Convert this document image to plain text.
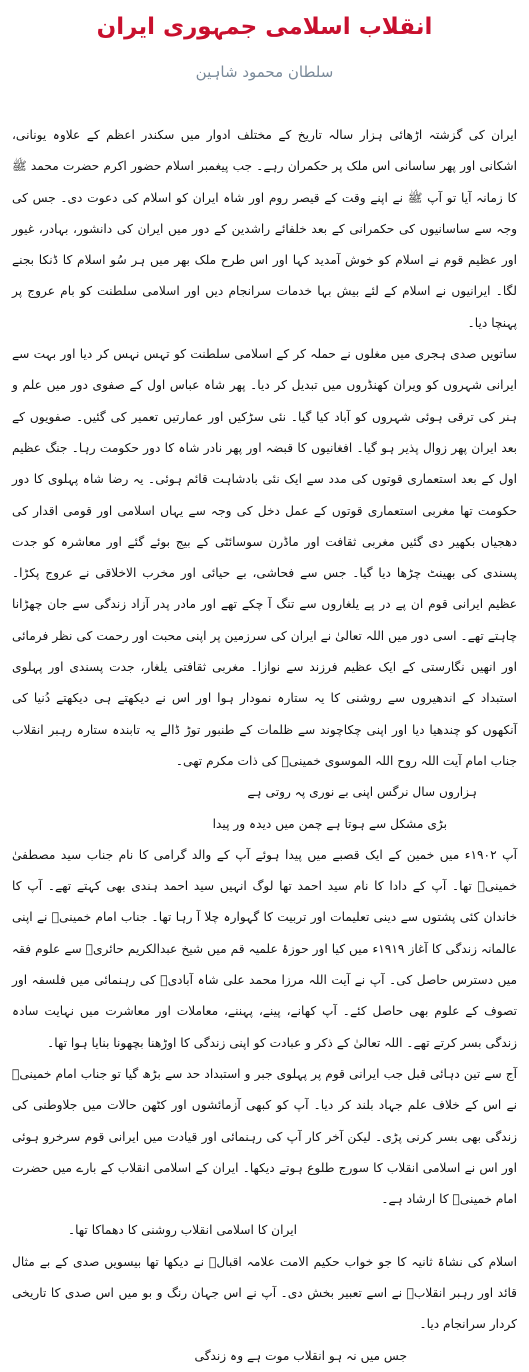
انقلاب اسلامی جمہوری ایران
سلطان محمود شاہین

ایران کی گزشتہ اڑھائی ہزار سالہ تاریخ کے مختلف ادوار میں سکندر اعظم کے علاوہ یونانی، اشکانی اور پھر ساسانی اس ملک پر حکمران رہے۔ جب پیغمبر اسلام حضور اکرم حضرت محمد ﷺ کا زمانہ آیا تو آپ ﷺ نے اپنے وقت کے قیصر روم اور شاہ ایران کو اسلام کی دعوت دی۔ جس کی وجہ سے ساسانیوں کی حکمرانی کے بعد خلفائے راشدین کے دور میں ایران کی دانشور، بہادر، غیور اور عظیم قوم نے اسلام کو خوش آمدید کہا اور اس طرح ملک بھر میں ہر سُو اسلام کا ڈنکا بجنے لگا۔ ایرانیوں نے اسلام کے لئے بیش بہا خدمات سرانجام دیں اور اسلامی سلطنت کو بام عروج پر پہنچا دیا۔

ساتویں صدی ہجری میں مغلوں نے حملہ کر کے اسلامی سلطنت کو تہس نہس کر دیا اور بہت سے ایرانی شہروں کو ویران کھنڈروں میں تبدیل کر دیا۔ پھر شاہ عباس اول کے صفوی دور میں علم و ہنر کی ترقی ہوئی شہروں کو آباد کیا گیا۔ نئی سڑکیں اور عمارتیں تعمیر کی گئیں۔ صفویوں کے بعد ایران پھر زوال پذیر ہو گیا۔ افغانیوں کا قبضہ اور پھر نادر شاہ کا دور حکومت رہا۔ جنگ عظیم اول کے بعد استعماری قوتوں کی مدد سے ایک نئی بادشاہت قائم ہوئی۔ یہ رضا شاہ پہلوی کا دور حکومت تھا مغربی استعماری قوتوں کے عمل دخل کی وجہ سے یہاں اسلامی اور قومی اقدار کی دھجیاں بکھیر دی گئیں مغربی ثقافت اور ماڈرن سوسائٹی کے بیج بوئے گئے اور معاشرہ کو جدت پسندی کی بھینٹ چڑھا دیا گیا۔ جس سے فحاشی، بے حیائی اور مخرب الاخلاقی نے عروج پکڑا۔ عظیم ایرانی قوم ان پے در پے یلغاروں سے تنگ آ چکے تھے اور مادر پدر آزاد زندگی سے جان چھڑانا چاہتے تھے۔ اسی دور میں اللہ تعالیٰ نے ایران کی سرزمین پر اپنی محبت اور رحمت کی نظر فرمائی اور انھیں نگارستی کے ایک عظیم فرزند سے نوازا۔ مغربی ثقافتی یلغار، جدت پسندی اور پہلوی استبداد کے اندھیروں سے روشنی کا یہ ستارہ نمودار ہوا اور اس نے دیکھتے ہی دیکھتے دُنیا کی آنکھوں کو چندھیا دیا اور اپنی چکاچوند سے ظلمات کے طنبور توڑ ڈالے یہ تابندہ ستارہ رہبر انقلاب جناب امام آیت اللہ روح اللہ الموسوی خمینیؒ کی ذات مکرم تھی۔

ہزاروں سال نرگس اپنی بے نوری پہ روتی ہے

بڑی مشکل سے ہوتا ہے چمن میں دیدہ ور پیدا

آپ ۱۹۰۲ء میں خمین کے ایک قصبے میں پیدا ہوئے آپ کے والد گرامی کا نام جناب سید مصطفیٰ خمینیؒ تھا۔ آپ کے دادا کا نام سید احمد تھا لوگ انہیں سید احمد ہندی بھی کہتے تھے۔ آپ کا خاندان کئی پشتوں سے دینی تعلیمات اور تربیت کا گہوارہ چلا آ رہا تھا۔ جناب امام خمینیؒ نے اپنی عالمانہ زندگی کا آغاز ۱۹۱۹ء میں کیا اور حوزۂ علمیہ قم میں شیخ عبدالکریم حائریؒ سے علوم فقہ میں دسترس حاصل کی۔ آپ نے آیت اللہ مرزا محمد علی شاہ آبادیؒ کی رہنمائی میں فلسفہ اور تصوف کے علوم بھی حاصل کئے۔ آپ کھانے، پینے، پہننے، معاملات اور معاشرت میں نہایت سادہ زندگی بسر کرتے تھے۔ اللہ تعالیٰ کے ذکر و عبادت کو اپنی زندگی کا اوڑھنا بچھونا بنایا ہوا تھا۔

آج سے تین دہائی قبل جب ایرانی قوم پر پہلوی جبر و استبداد حد سے بڑھ گیا تو جناب امام خمینیؒ نے اس کے خلاف علم جہاد بلند کر دیا۔ آپ کو کبھی آزمائشوں اور کٹھن حالات میں جلاوطنی کی زندگی بھی بسر کرنی پڑی۔ لیکن آخر کار آپ کی رہنمائی اور قیادت میں ایرانی قوم سرخرو ہوئی اور اس نے اسلامی انقلاب کا سورج طلوع ہوتے دیکھا۔ ایران کے اسلامی انقلاب کے بارے میں حضرت امام خمینیؒ کا ارشاد ہے۔

ایران کا اسلامی انقلاب روشنی کا دھماکا تھا۔

اسلام کی نشاۃ ثانیہ کا جو خواب حکیم الامت علامہ اقبالؒ نے دیکھا تھا بیسویں صدی کے بے مثال قائد اور رہبر انقلابؒ نے اسے تعبیر بخش دی۔ آپ نے اس جہان رنگ و بو میں اس صدی کا تاریخی کردار سرانجام دیا۔

جس میں نہ ہو انقلاب موت ہے وہ زندگی
